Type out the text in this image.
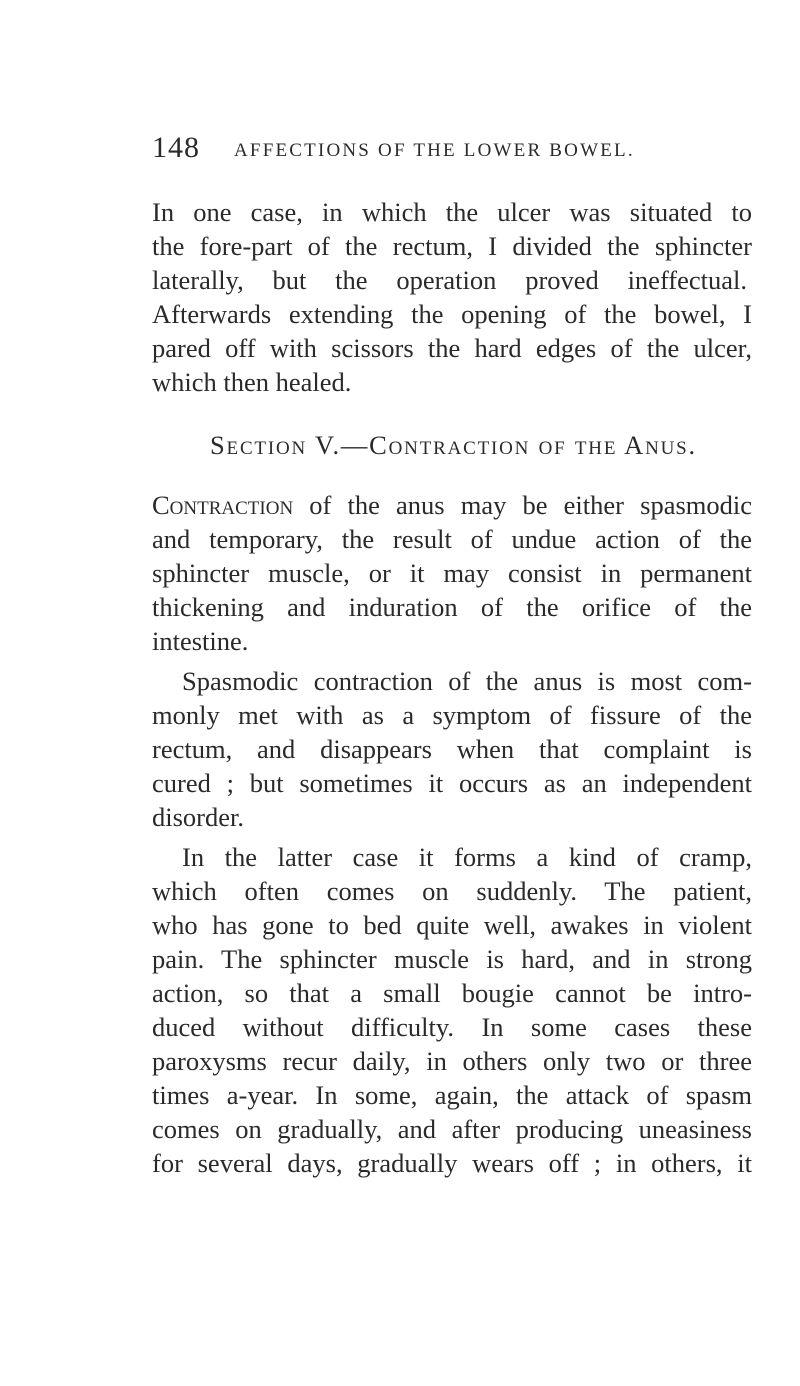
148 AFFECTIONS OF THE LOWER BOWEL.
In one case, in which the ulcer was situated to
the fore-part of the rectum, I divided the sphincter
laterally, but the operation proved ineffectual.
Afterwards extending the opening of the bowel, I
pared off with scissors the hard edges of the ulcer,
which then healed.
Section V.—Contraction of the Anus.
Contraction of the anus may be either spasmodic
and temporary, the result of undue action of the
sphincter muscle, or it may consist in permanent
thickening and induration of the orifice of the
intestine.
Spasmodic contraction of the anus is most com-
monly met with as a symptom of fissure of the
rectum, and disappears when that complaint is
cured ; but sometimes it occurs as an independent
disorder.
In the latter case it forms a kind of cramp,
which often comes on suddenly. The patient,
who has gone to bed quite well, awakes in violent
pain. The sphincter muscle is hard, and in strong
action, so that a small bougie cannot be intro-
duced without difficulty. In some cases these
paroxysms recur daily, in others only two or three
times a-year. In some, again, the attack of spasm
comes on gradually, and after producing uneasiness
for several days, gradually wears off ; in others, it
